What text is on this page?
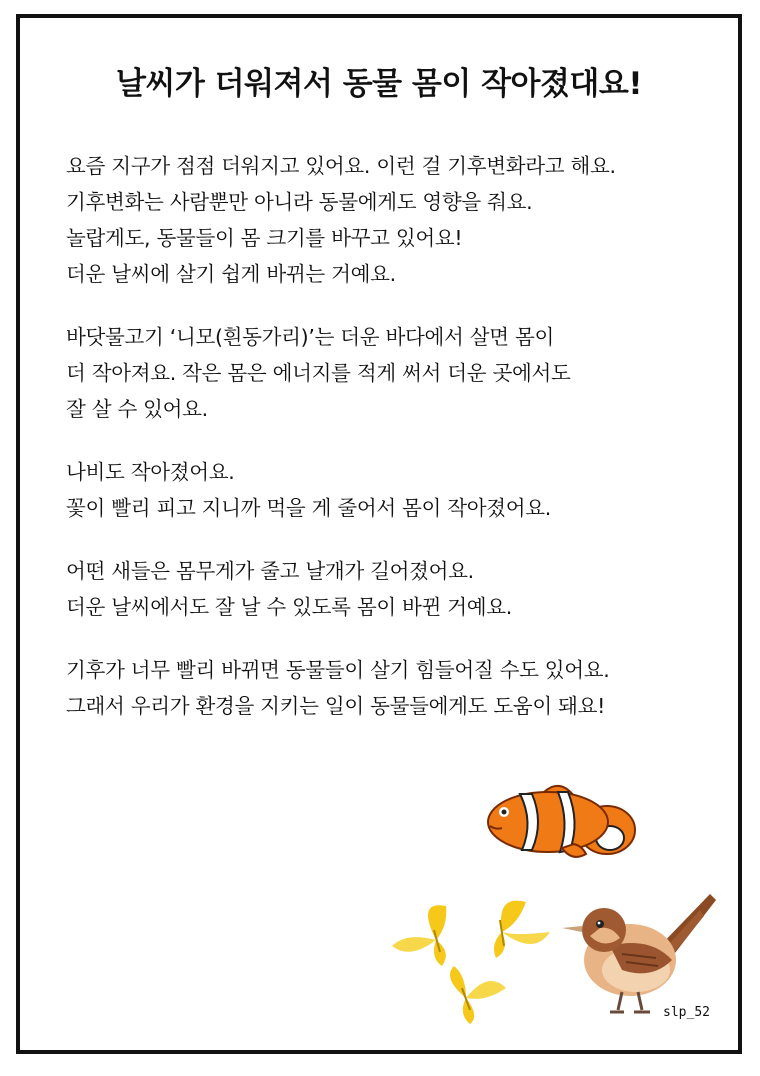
날씨가 더워져서 동물 몸이 작아졌대요!

요즘 지구가 점점 더워지고 있어요. 이런 걸 기후변화라고 해요.
기후변화는 사람뿐만 아니라 동물에게도 영향을 줘요.
놀랍게도, 동물들이 몸 크기를 바꾸고 있어요!
더운 날씨에 살기 쉽게 바뀌는 거예요.

바닷물고기 ‘니모(흰동가리)’는 더운 바다에서 살면 몸이
더 작아져요. 작은 몸은 에너지를 적게 써서 더운 곳에서도
잘 살 수 있어요.

나비도 작아졌어요.
꽃이 빨리 피고 지니까 먹을 게 줄어서 몸이 작아졌어요.

어떤 새들은 몸무게가 줄고 날개가 길어졌어요.
더운 날씨에서도 잘 날 수 있도록 몸이 바뀐 거예요.

기후가 너무 빨리 바뀌면 동물들이 살기 힘들어질 수도 있어요.
그래서 우리가 환경을 지키는 일이 동물들에게도 도움이 돼요!

slp_52
